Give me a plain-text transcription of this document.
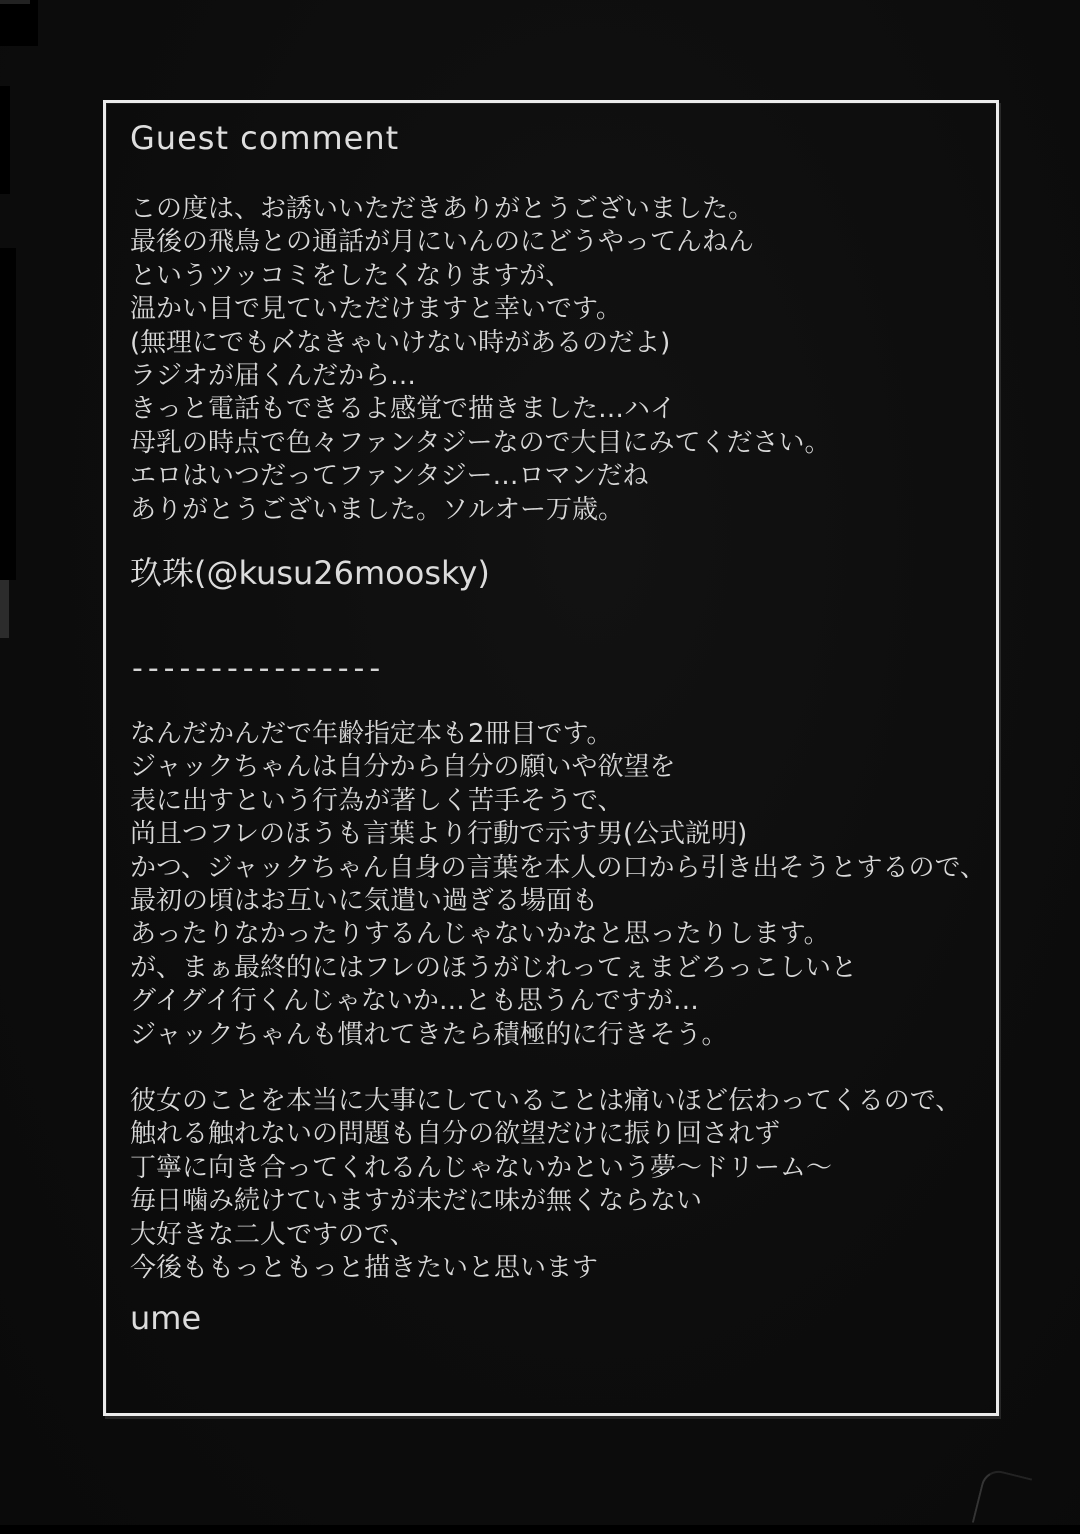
Guest comment

この度は、お誘いいただきありがとうございました。

最後の飛鳥との通話が月にいんのにどうやってんねん

というツッコミをしたくなりますが、

温かい目で見ていただけますと幸いです。

(無理にでも〆なきゃいけない時があるのだよ)

ラジオが届くんだから…

きっと電話もできるよ感覚で描きました…ハイ

母乳の時点で色々ファンタジーなので大目にみてください。

エロはいつだってファンタジー…ロマンだね

ありがとうございました。ソルオー万歳。

玖珠(@kusu26moosky)
----------------

なんだかんだで年齢指定本も2冊目です。

ジャックちゃんは自分から自分の願いや欲望を

表に出すという行為が著しく苦手そうで、

尚且つフレのほうも言葉より行動で示す男(公式説明)

かつ、ジャックちゃん自身の言葉を本人の口から引き出そうとするので、

最初の頃はお互いに気遣い過ぎる場面も

あったりなかったりするんじゃないかなと思ったりします。

が、まぁ最終的にはフレのほうがじれってぇまどろっこしいと

グイグイ行くんじゃないか…とも思うんですが…

ジャックちゃんも慣れてきたら積極的に行きそう。

彼女のことを本当に大事にしていることは痛いほど伝わってくるので、

触れる触れないの問題も自分の欲望だけに振り回されず

丁寧に向き合ってくれるんじゃないかという夢〜ドリーム〜

毎日噛み続けていますが未だに味が無くならない

大好きな二人ですので、

今後ももっともっと描きたいと思います

ume
